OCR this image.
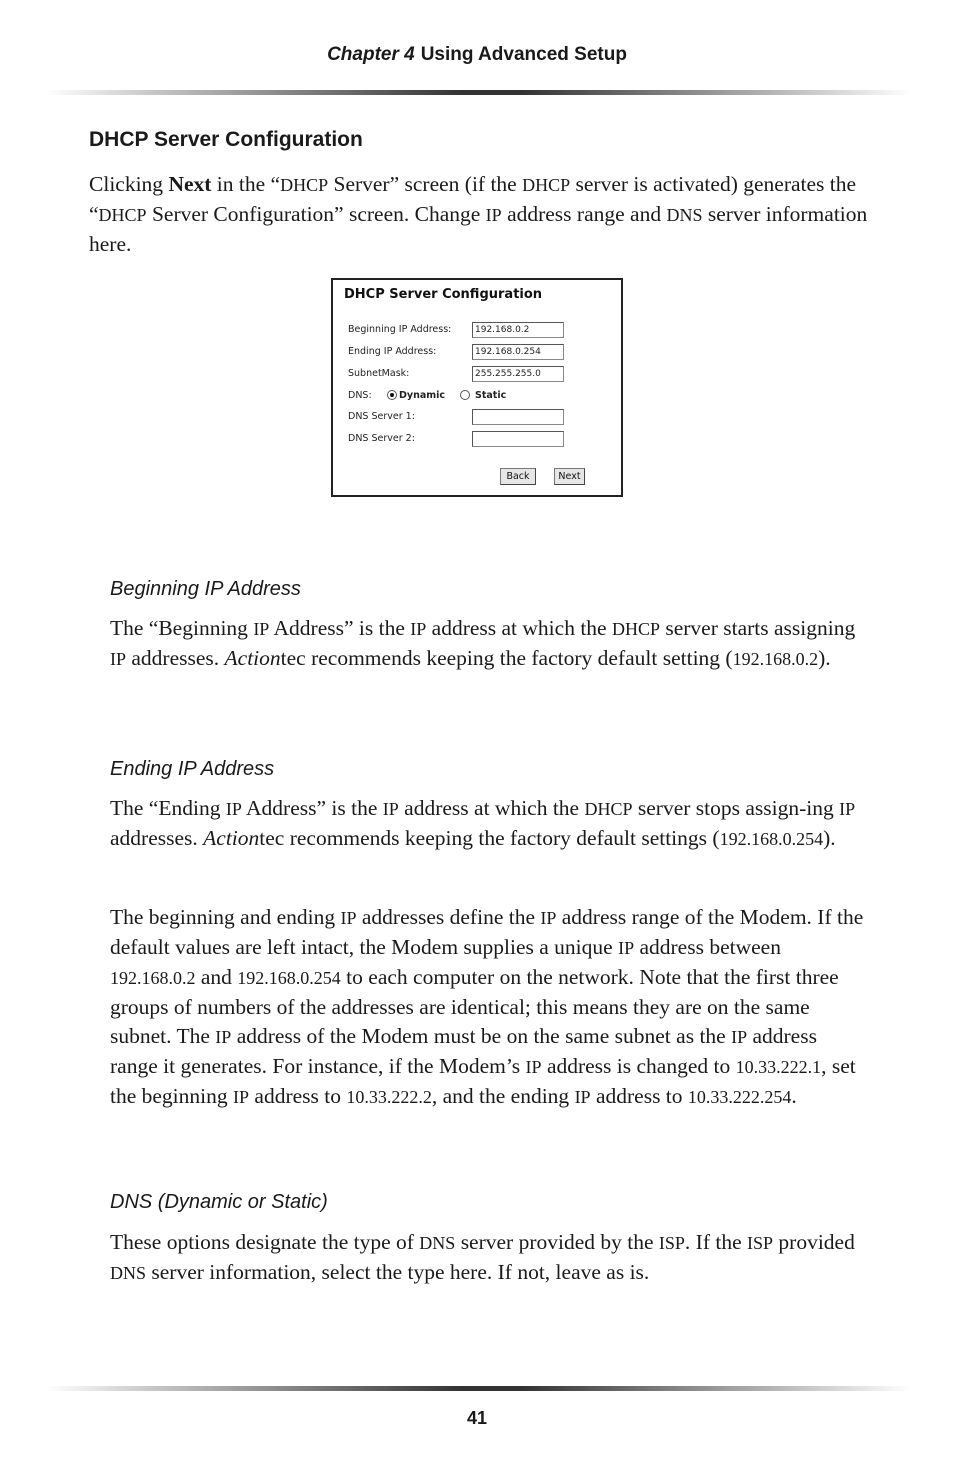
Chapter 4 Using Advanced Setup
DHCP Server Configuration

Clicking Next in the “DHCP Server” screen (if the DHCP server is activated) generates the “DHCP Server Configuration” screen. Change IP address range and DNS server information here.

DHCP Server Configuration
Beginning IP Address:	192.168.0.2
Ending IP Address:	192.168.0.254
SubnetMask:	255.255.255.0
DNS:	Dynamic	Static
DNS Server 1:
DNS Server 2:
Back	Next
Beginning IP Address

The “Beginning IP Address” is the IP address at which the DHCP server starts assigning IP addresses. Actiontec recommends keeping the factory default setting (192.168.0.2).

Ending IP Address

The “Ending IP Address” is the IP address at which the DHCP server stops assign-ing IP addresses. Actiontec recommends keeping the factory default settings (192.168.0.254).

The beginning and ending IP addresses define the IP address range of the Modem. If the default values are left intact, the Modem supplies a unique IP address between 192.168.0.2 and 192.168.0.254 to each computer on the network. Note that the first three groups of numbers of the addresses are identical; this means they are on the same subnet. The IP address of the Modem must be on the same subnet as the IP address range it generates. For instance, if the Modem’s IP address is changed to 10.33.222.1, set the beginning IP address to 10.33.222.2, and the ending IP address to 10.33.222.254.

DNS (Dynamic or Static)

These options designate the type of DNS server provided by the ISP. If the ISP provided DNS server information, select the type here. If not, leave as is.

41
